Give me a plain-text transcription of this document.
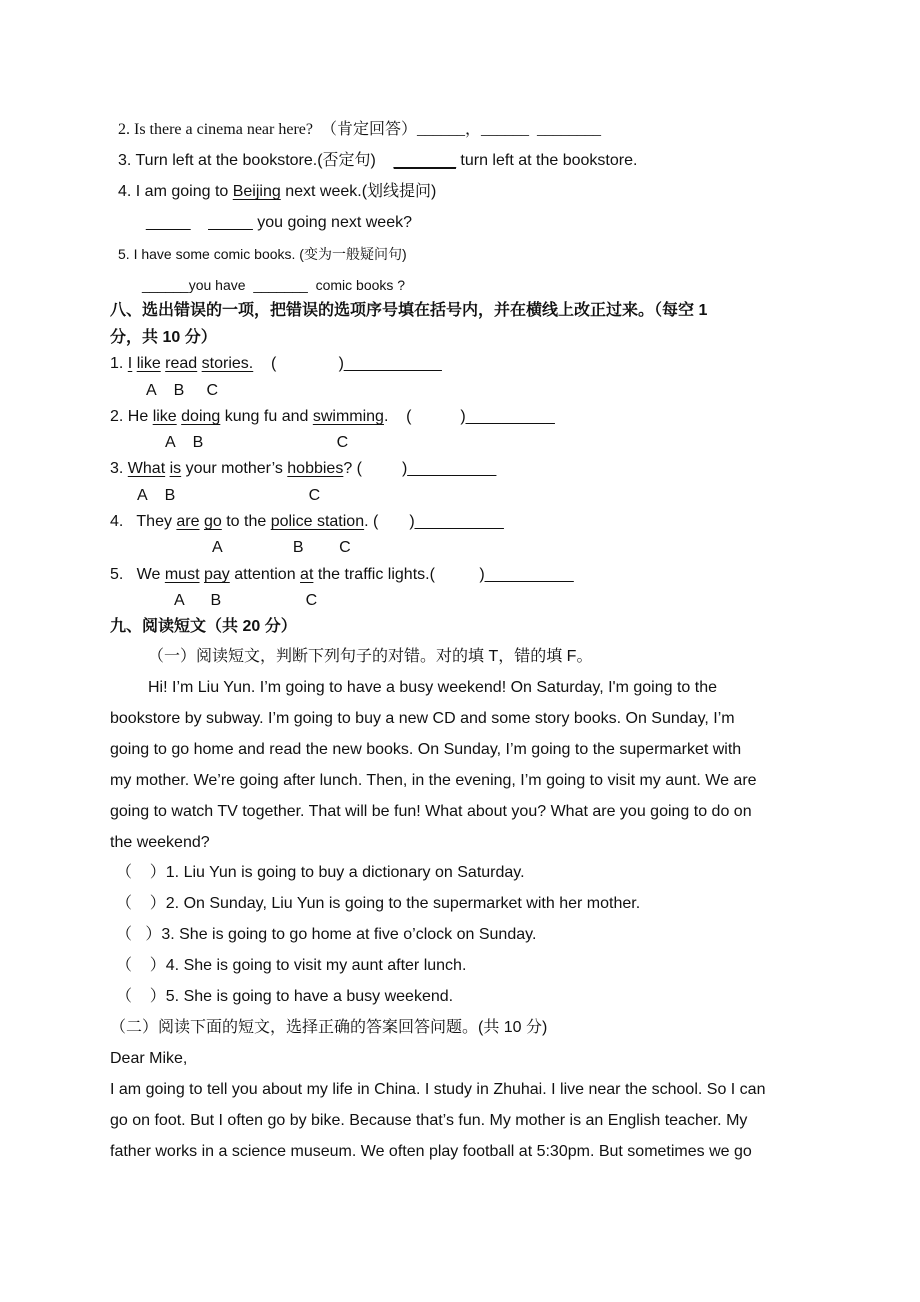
2. Is there a cinema near here?  （肯定回答）______，______  ________
3. Turn left at the bookstore.(否定句)    _______ turn left at the bookstore.
4. I am going to Beijing next week.(划线提问)
_____    _____ you going next week?
5. I have some comic books. (变为一般疑问句)
______you have  _______  comic books ?
八、选出错误的一项，把错误的选项序号填在括号内，并在横线上改正过来。（每空 1
分，共 10 分）
1. I like read stories.    (              )___________
A    B     C
2. He like doing kung fu and swimming.    (           )__________
A    B                              C
3. What is your mother’s hobbies? (         )__________
A    B                              C
4.   They are go to the police station. (       )__________
A                B        C
5.   We must pay attention at the traffic lights.(          )__________
A      B                   C
九、阅读短文（共 20 分）
（一）阅读短文，判断下列句子的对错。对的填 T，错的填 F。
Hi! I’m Liu Yun. I’m going to have a busy weekend! On Saturday, I'm going to the
bookstore by subway. I’m going to buy a new CD and some story books. On Sunday, I’m
going to go home and read the new books. On Sunday, I’m going to the supermarket with
my mother. We’re going after lunch. Then, in the evening, I’m going to visit my aunt. We are
going to watch TV together. That will be fun! What about you? What are you going to do on
the weekend?
（    ）1. Liu Yun is going to buy a dictionary on Saturday.
（    ）2. On Sunday, Liu Yun is going to the supermarket with her mother.
（   ）3. She is going to go home at five o’clock on Sunday.
（    ）4. She is going to visit my aunt after lunch.
（    ）5. She is going to have a busy weekend.
（二）阅读下面的短文，选择正确的答案回答问题。(共 10 分)
Dear Mike,
I am going to tell you about my life in China. I study in Zhuhai. I live near the school. So I can
go on foot. But I often go by bike. Because that’s fun. My mother is an English teacher. My
father works in a science museum. We often play football at 5:30pm. But sometimes we go
